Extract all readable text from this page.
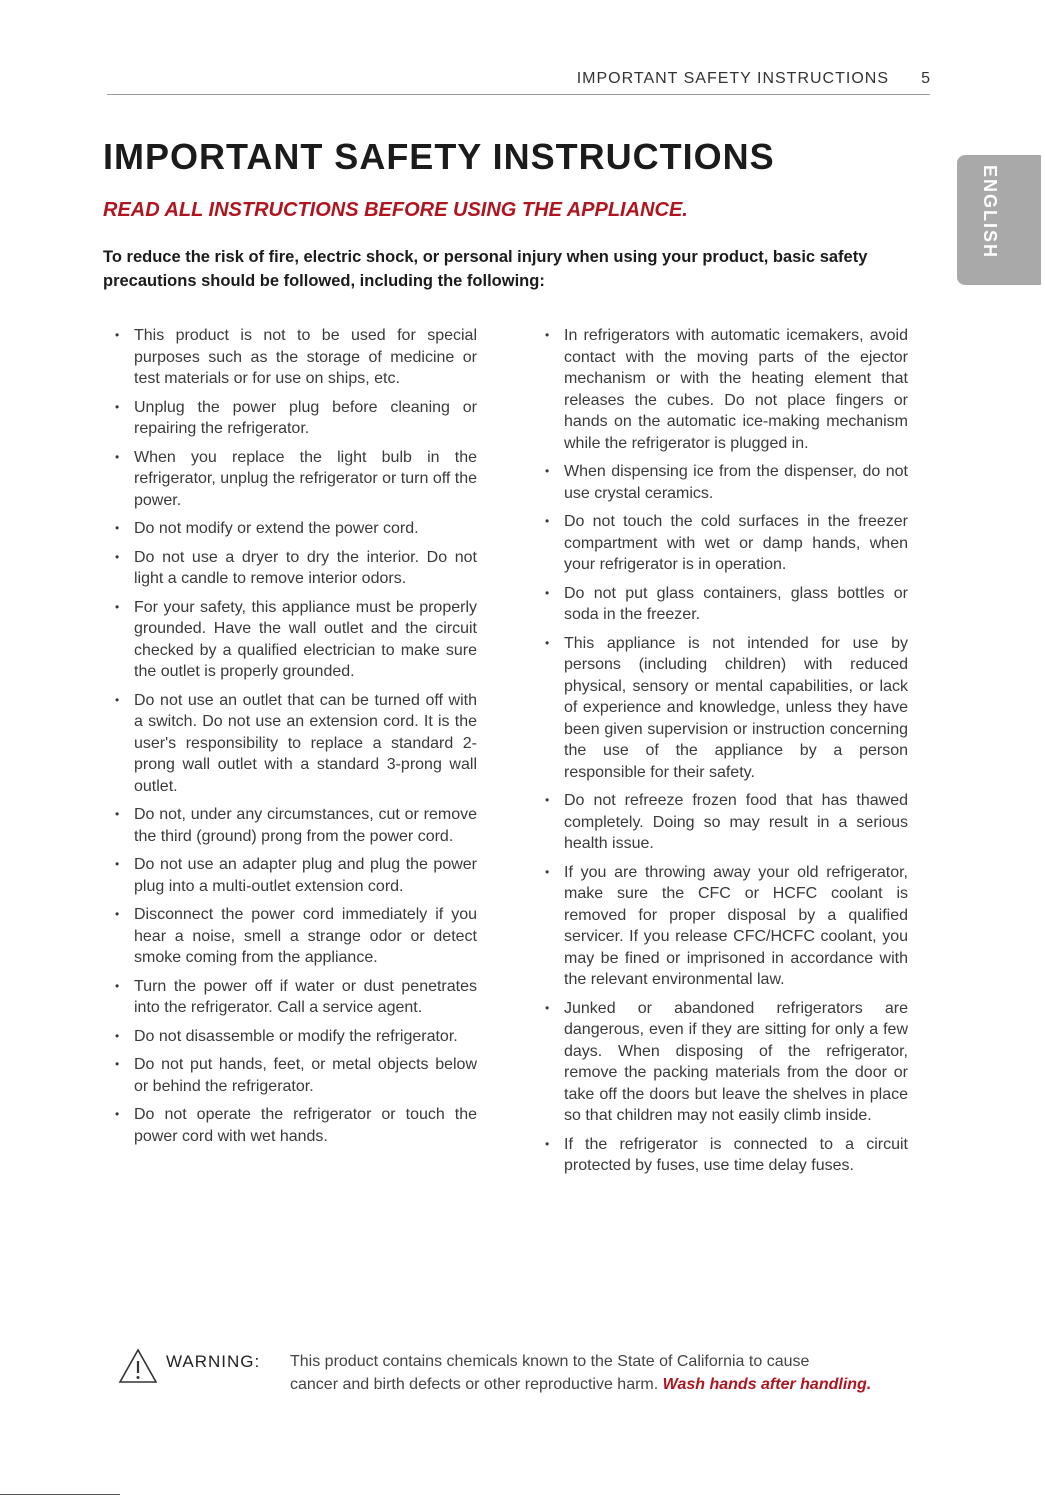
IMPORTANT SAFETY INSTRUCTIONS 5
ENGLISH
IMPORTANT SAFETY INSTRUCTIONS
READ ALL INSTRUCTIONS BEFORE USING THE APPLIANCE.

To reduce the risk of fire, electric shock, or personal injury when using your product, basic safety precautions should be followed, including the following:

• This product is not to be used for special purposes such as the storage of medicine or test materials or for use on ships, etc.
• Unplug the power plug before cleaning or repairing the refrigerator.
• When you replace the light bulb in the refrigerator, unplug the refrigerator or turn off the power.
• Do not modify or extend the power cord.
• Do not use a dryer to dry the interior. Do not light a candle to remove interior odors.
• For your safety, this appliance must be properly grounded. Have the wall outlet and the circuit checked by a qualified electrician to make sure the outlet is properly grounded.
• Do not use an outlet that can be turned off with a switch. Do not use an extension cord. It is the user's responsibility to replace a standard 2-prong wall outlet with a standard 3-prong wall outlet.
• Do not, under any circumstances, cut or remove the third (ground) prong from the power cord.
• Do not use an adapter plug and plug the power plug into a multi-outlet extension cord.
• Disconnect the power cord immediately if you hear a noise, smell a strange odor or detect smoke coming from the appliance.
• Turn the power off if water or dust penetrates into the refrigerator. Call a service agent.
• Do not disassemble or modify the refrigerator.
• Do not put hands, feet, or metal objects below or behind the refrigerator.
• Do not operate the refrigerator or touch the power cord with wet hands.
• In refrigerators with automatic icemakers, avoid contact with the moving parts of the ejector mechanism or with the heating element that releases the cubes. Do not place fingers or hands on the automatic ice-making mechanism while the refrigerator is plugged in.
• When dispensing ice from the dispenser, do not use crystal ceramics.
• Do not touch the cold surfaces in the freezer compartment with wet or damp hands, when your refrigerator is in operation.
• Do not put glass containers, glass bottles or soda in the freezer.
• This appliance is not intended for use by persons (including children) with reduced physical, sensory or mental capabilities, or lack of experience and knowledge, unless they have been given supervision or instruction concerning the use of the appliance by a person responsible for their safety.
• Do not refreeze frozen food that has thawed completely. Doing so may result in a serious health issue.
• If you are throwing away your old refrigerator, make sure the CFC or HCFC coolant is removed for proper disposal by a qualified servicer. If you release CFC/HCFC coolant, you may be fined or imprisoned in accordance with the relevant environmental law.
• Junked or abandoned refrigerators are dangerous, even if they are sitting for only a few days. When disposing of the refrigerator, remove the packing materials from the door or take off the doors but leave the shelves in place so that children may not easily climb inside.
• If the refrigerator is connected to a circuit protected by fuses, use time delay fuses.
WARNING: This product contains chemicals known to the State of California to cause
cancer and birth defects or other reproductive harm. Wash hands after handling.
